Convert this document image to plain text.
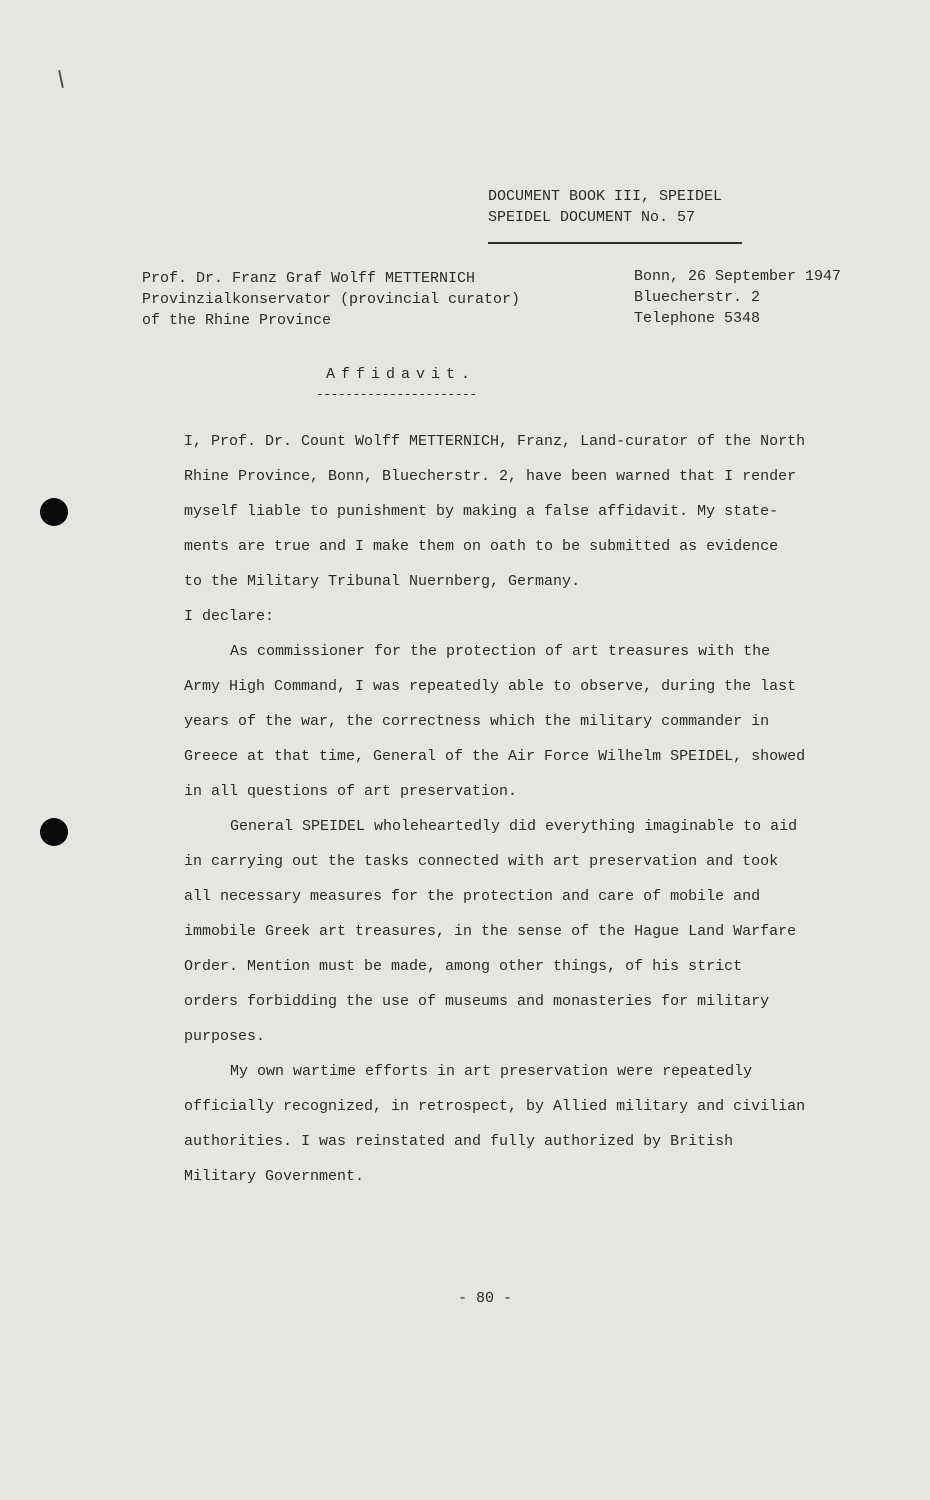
DOCUMENT BOOK III, SPEIDEL
SPEIDEL DOCUMENT No. 57
Prof. Dr. Franz Graf Wolff METTERNICH
Provinzialkonservator (provincial curator)
of the Rhine Province
Bonn, 26 September 1947
Bluecherstr. 2
Telephone 5348
Affidavit.
----------------------

I, Prof. Dr. Count Wolff METTERNICH, Franz, Land-curator of the North
Rhine Province, Bonn, Bluecherstr. 2, have been warned that I render
myself liable to punishment by making a false affidavit. My state-
ments are true and I make them on oath to be submitted as evidence
to the Military Tribunal Nuernberg, Germany.

I declare:

As commissioner for the protection of art treasures with the
Army High Command, I was repeatedly able to observe, during the last
years of the war, the correctness which the military commander in
Greece at that time, General of the Air Force Wilhelm SPEIDEL, showed
in all questions of art preservation.

General SPEIDEL wholeheartedly did everything imaginable to aid
in carrying out the tasks connected with art preservation and took
all necessary measures for the protection and care of mobile and
immobile Greek art treasures, in the sense of the Hague Land Warfare
Order. Mention must be made, among other things, of his strict
orders forbidding the use of museums and monasteries for military
purposes.

My own wartime efforts in art preservation were repeatedly
officially recognized, in retrospect, by Allied military and civilian
authorities. I was reinstated and fully authorized by British
Military Government.

- 80 -
